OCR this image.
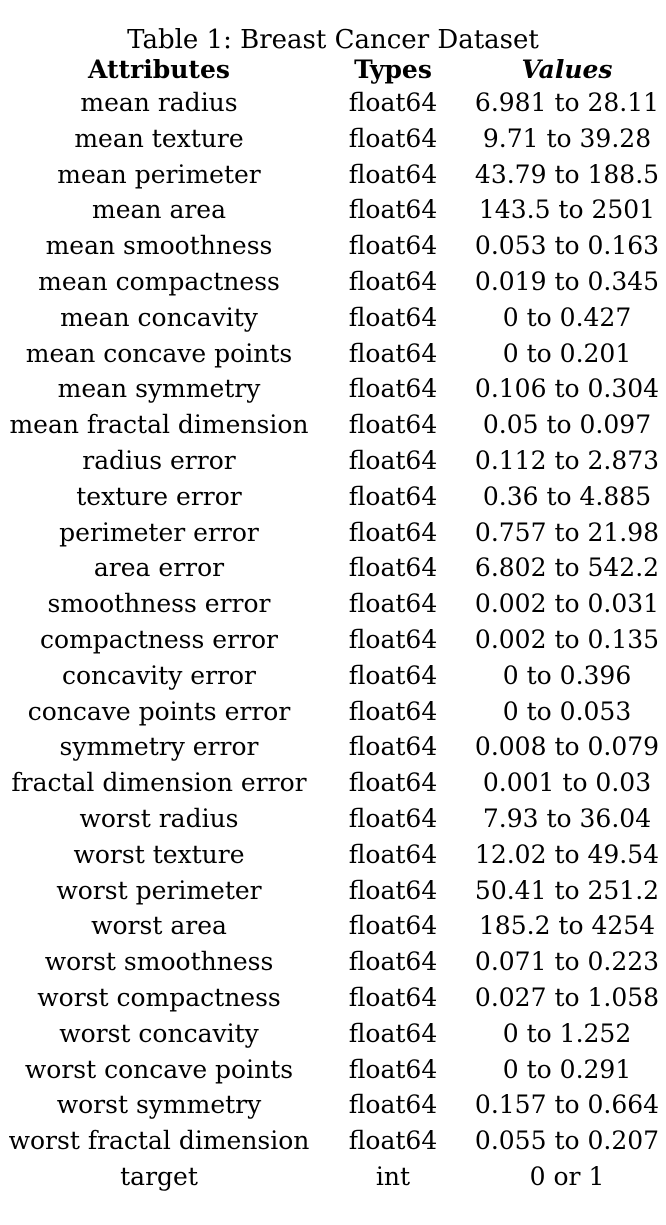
Table 1: Breast Cancer Dataset
Attributes	Types	Values
mean radius	float64	6.981 to 28.11
mean texture	float64	9.71 to 39.28
mean perimeter	float64	43.79 to 188.5
mean area	float64	143.5 to 2501
mean smoothness	float64	0.053 to 0.163
mean compactness	float64	0.019 to 0.345
mean concavity	float64	0 to 0.427
mean concave points	float64	0 to 0.201
mean symmetry	float64	0.106 to 0.304
mean fractal dimension	float64	0.05 to 0.097
radius error	float64	0.112 to 2.873
texture error	float64	0.36 to 4.885
perimeter error	float64	0.757 to 21.98
area error	float64	6.802 to 542.2
smoothness error	float64	0.002 to 0.031
compactness error	float64	0.002 to 0.135
concavity error	float64	0 to 0.396
concave points error	float64	0 to 0.053
symmetry error	float64	0.008 to 0.079
fractal dimension error	float64	0.001 to 0.03
worst radius	float64	7.93 to 36.04
worst texture	float64	12.02 to 49.54
worst perimeter	float64	50.41 to 251.2
worst area	float64	185.2 to 4254
worst smoothness	float64	0.071 to 0.223
worst compactness	float64	0.027 to 1.058
worst concavity	float64	0 to 1.252
worst concave points	float64	0 to 0.291
worst symmetry	float64	0.157 to 0.664
worst fractal dimension	float64	0.055 to 0.207
target	int	0 or 1
